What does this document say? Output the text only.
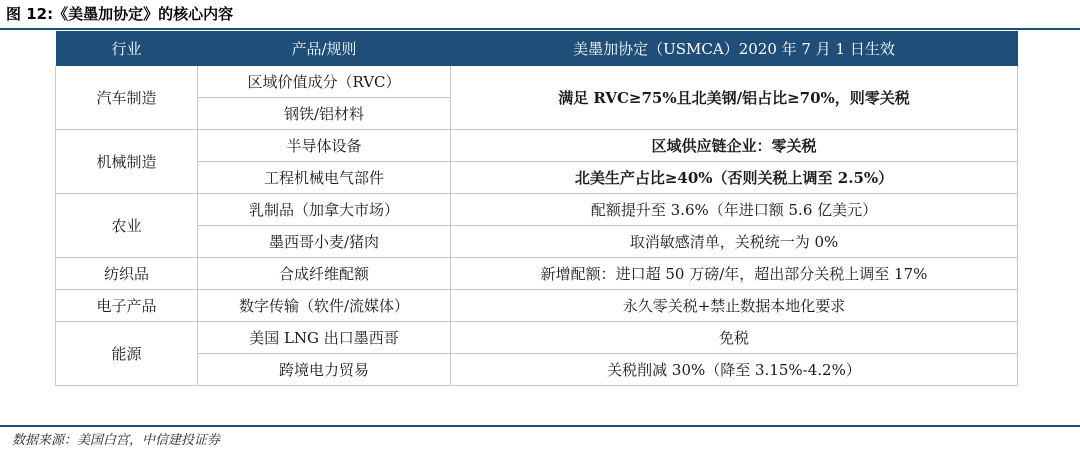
图 12:《美墨加协定》的核心内容
行业	产品/规则	美墨加协定（USMCA）2020 年 7 月 1 日生效
汽车制造	区域价值成分（RVC）	满足 RVC≥75%且北美钢/铝占比≥70%，则零关税
	钢铁/铝材料	
机械制造	半导体设备	区域供应链企业：零关税
	工程机械电气部件	北美生产占比≥40%（否则关税上调至 2.5%）
农业	乳制品（加拿大市场）	配额提升至 3.6%（年进口额 5.6 亿美元）
	墨西哥小麦/猪肉	取消敏感清单，关税统一为 0%
纺织品	合成纤维配额	新增配额：进口超 50 万磅/年，超出部分关税上调至 17%
电子产品	数字传输（软件/流媒体）	永久零关税+禁止数据本地化要求
能源	美国 LNG 出口墨西哥	免税
	跨境电力贸易	关税削减 30%（降至 3.15%-4.2%）
数据来源：美国白宫，中信建投证券
